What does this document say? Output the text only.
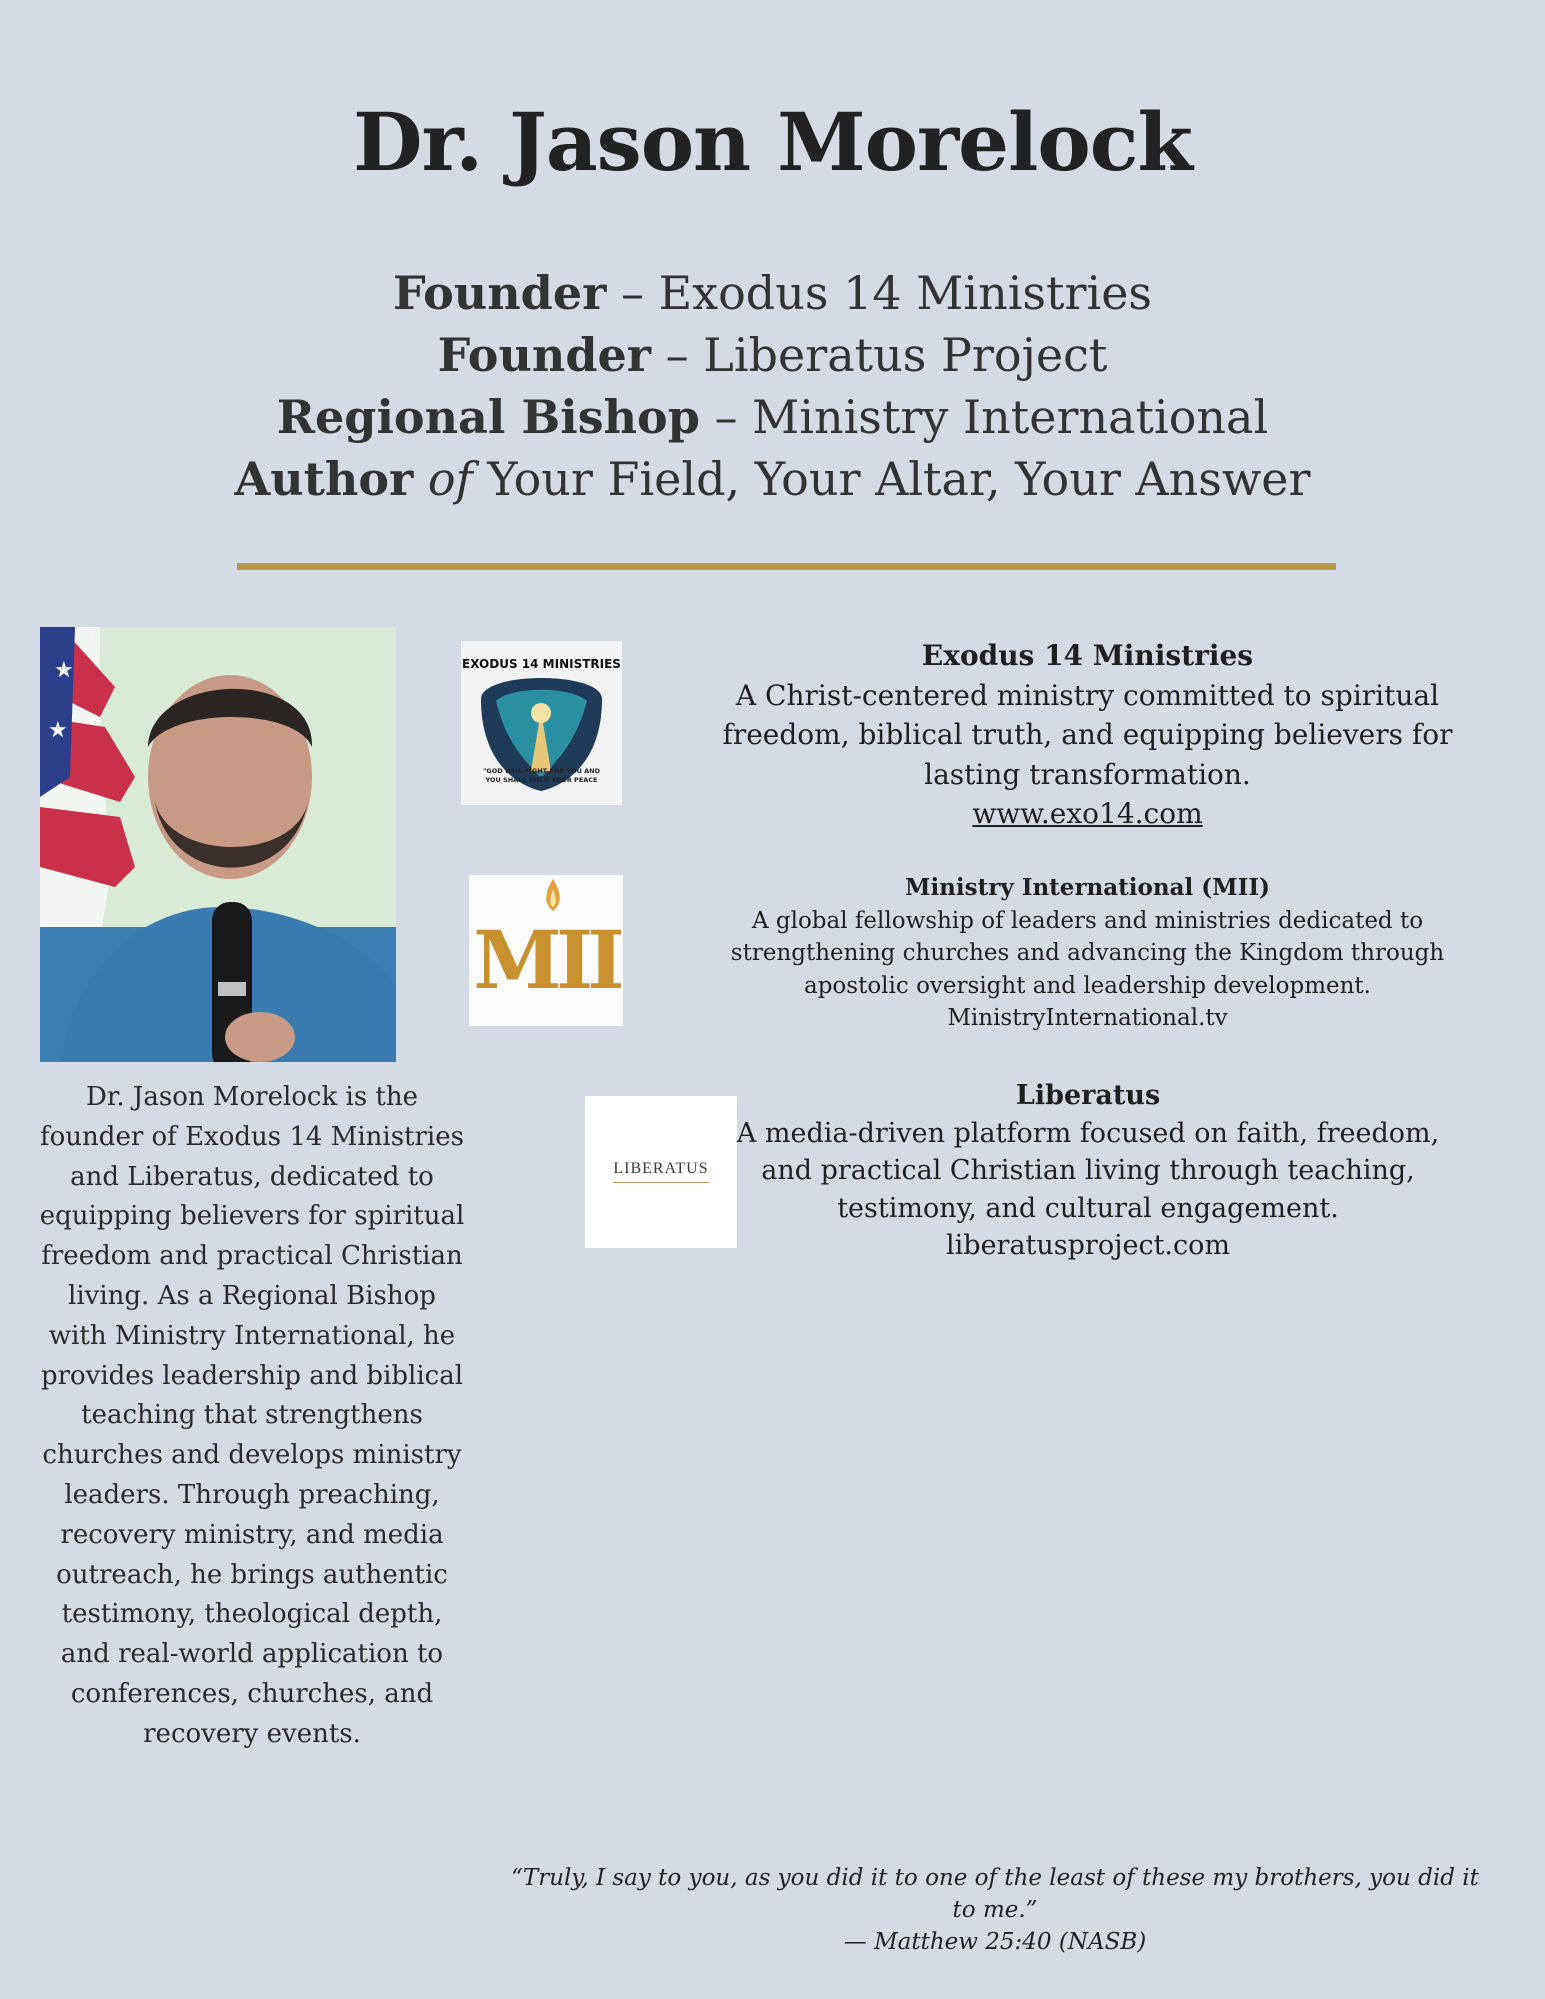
Dr. Jason Morelock
Founder – Exodus 14 Ministries
Founder – Liberatus Project
Regional Bishop – Ministry International
Author of Your Field, Your Altar, Your Answer
★
★

Dr. Jason Morelock is the founder of Exodus 14 Ministries and Liberatus, dedicated to equipping believers for spiritual freedom and practical Christian living. As a Regional Bishop with Ministry International, he provides leadership and biblical teaching that strengthens churches and develops ministry leaders. Through preaching, recovery ministry, and media outreach, he brings authentic testimony, theological depth, and real-world application to conferences, churches, and recovery events.

EXODUS 14 MINISTRIES
"GOD WILL FIGHT FOR YOU AND
YOU SHALL HOLD YOUR PEACE
MII
LIBERATUS
Exodus 14 Ministries
A Christ-centered ministry committed to spiritual freedom, biblical truth, and equipping believers for lasting transformation.
www.exo14.com
Ministry International (MII)
A global fellowship of leaders and ministries dedicated to strengthening churches and advancing the Kingdom through apostolic oversight and leadership development.
MinistryInternational.tv
Liberatus
A media-driven platform focused on faith, freedom, and practical Christian living through teaching, testimony, and cultural engagement.
liberatusproject.com

“Truly, I say to you, as you did it to one of the least of these my brothers, you did it to me.”
— Matthew 25:40 (NASB)
